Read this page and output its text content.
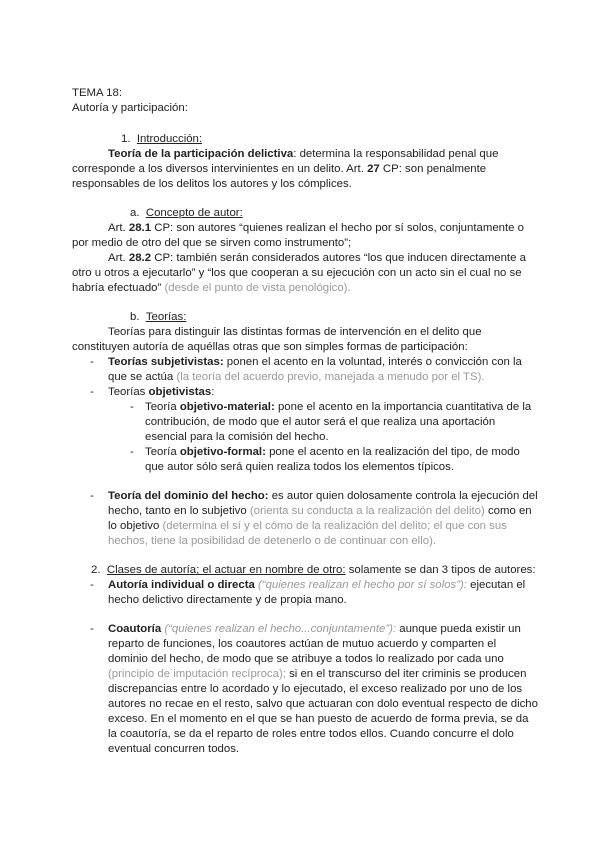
TEMA 18:
Autoría y participación:
1. Introducción:
Teoría de la participación delictiva: determina la responsabilidad penal que
corresponde a los diversos intervinientes en un delito. Art. 27 CP: son penalmente
responsables de los delitos los autores y los cómplices.
a. Concepto de autor:
Art. 28.1 CP: son autores “quienes realizan el hecho por sí solos, conjuntamente o
por medio de otro del que se sirven como instrumento”;
Art. 28.2 CP: también serán considerados autores “los que inducen directamente a
otro u otros a ejecutarlo” y “los que cooperan a su ejecución con un acto sin el cual no se
habría efectuado” (desde el punto de vista penológico).
b. Teorías:
Teorías para distinguir las distintas formas de intervención en el delito que
constituyen autoría de aquéllas otras que son simples formas de participación:
- Teorías subjetivistas: ponen el acento en la voluntad, interés o convicción con la
que se actúa (la teoría del acuerdo previo, manejada a menudo por el TS).
- Teorías objetivistas:
- Teoría objetivo-material: pone el acento en la importancia cuantitativa de la
contribución, de modo que el autor será el que realiza una aportación
esencial para la comisión del hecho.
- Teoría objetivo-formal: pone el acento en la realización del tipo, de modo
que autor sólo será quien realiza todos los elementos típicos.
- Teoría del dominio del hecho: es autor quien dolosamente controla la ejecución del
hecho, tanto en lo subjetivo (orienta su conducta a la realización del delito) como en
lo objetivo (determina el sí y el cómo de la realización del delito; el que con sus
hechos, tiene la posibilidad de detenerlo o de continuar con ello).
2. Clases de autoría; el actuar en nombre de otro: solamente se dan 3 tipos de autores:
- Autoría individual o directa (“quienes realizan el hecho por sí solos”): ejecutan el
hecho delictivo directamente y de propia mano.
- Coautoría (“quienes realizan el hecho...conjuntamente”): aunque pueda existir un
reparto de funciones, los coautores actúan de mutuo acuerdo y comparten el
dominio del hecho, de modo que se atribuye a todos lo realizado por cada uno
(principio de imputación recíproca); si en el transcurso del iter criminis se producen
discrepancias entre lo acordado y lo ejecutado, el exceso realizado por uno de los
autores no recae en el resto, salvo que actuaran con dolo eventual respecto de dicho
exceso. En el momento en el que se han puesto de acuerdo de forma previa, se da
la coautoría, se da el reparto de roles entre todos ellos. Cuando concurre el dolo
eventual concurren todos.
